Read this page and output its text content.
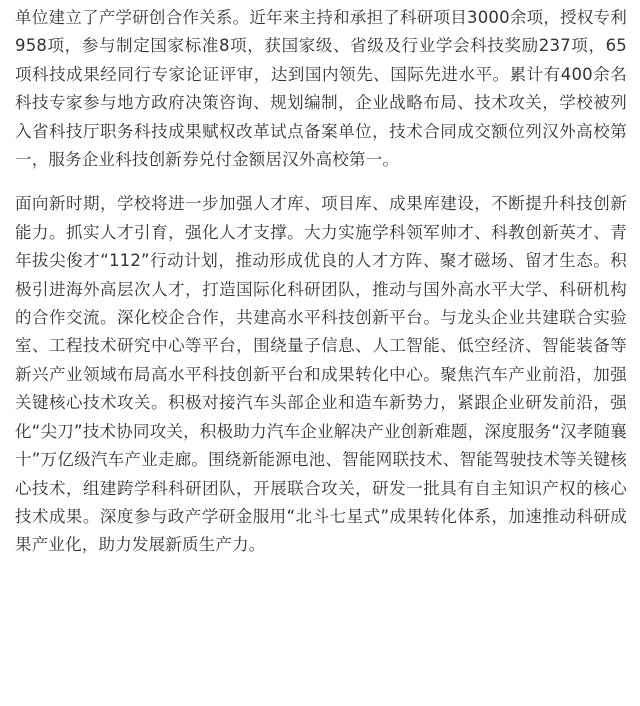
单位建立了产学研创合作关系。近年来主持和承担了科研项目3000余项，授权专利958项，参与制定国家标准8项，获国家级、省级及行业学会科技奖励237项，65项科技成果经同行专家论证评审，达到国内领先、国际先进水平。累计有400余名科技专家参与地方政府决策咨询、规划编制，企业战略布局、技术攻关，学校被列入省科技厅职务科技成果赋权改革试点备案单位，技术合同成交额位列汉外高校第一，服务企业科技创新券兑付金额居汉外高校第一。

面向新时期，学校将进一步加强人才库、项目库、成果库建设，不断提升科技创新能力。抓实人才引育，强化人才支撑。大力实施学科领军帅才、科教创新英才、青年拔尖俊才“112”行动计划，推动形成优良的人才方阵、聚才磁场、留才生态。积极引进海外高层次人才，打造国际化科研团队，推动与国外高水平大学、科研机构的合作交流。深化校企合作，共建高水平科技创新平台。与龙头企业共建联合实验室、工程技术研究中心等平台，围绕量子信息、人工智能、低空经济、智能装备等新兴产业领域布局高水平科技创新平台和成果转化中心。聚焦汽车产业前沿，加强关键核心技术攻关。积极对接汽车头部企业和造车新势力，紧跟企业研发前沿，强化“尖刀”技术协同攻关，积极助力汽车企业解决产业创新难题，深度服务“汉孝随襄十”万亿级汽车产业走廊。围绕新能源电池、智能网联技术、智能驾驶技术等关键核心技术，组建跨学科科研团队，开展联合攻关，研发一批具有自主知识产权的核心技术成果。深度参与政产学研金服用“北斗七星式”成果转化体系，加速推动科研成果产业化，助力发展新质生产力。
